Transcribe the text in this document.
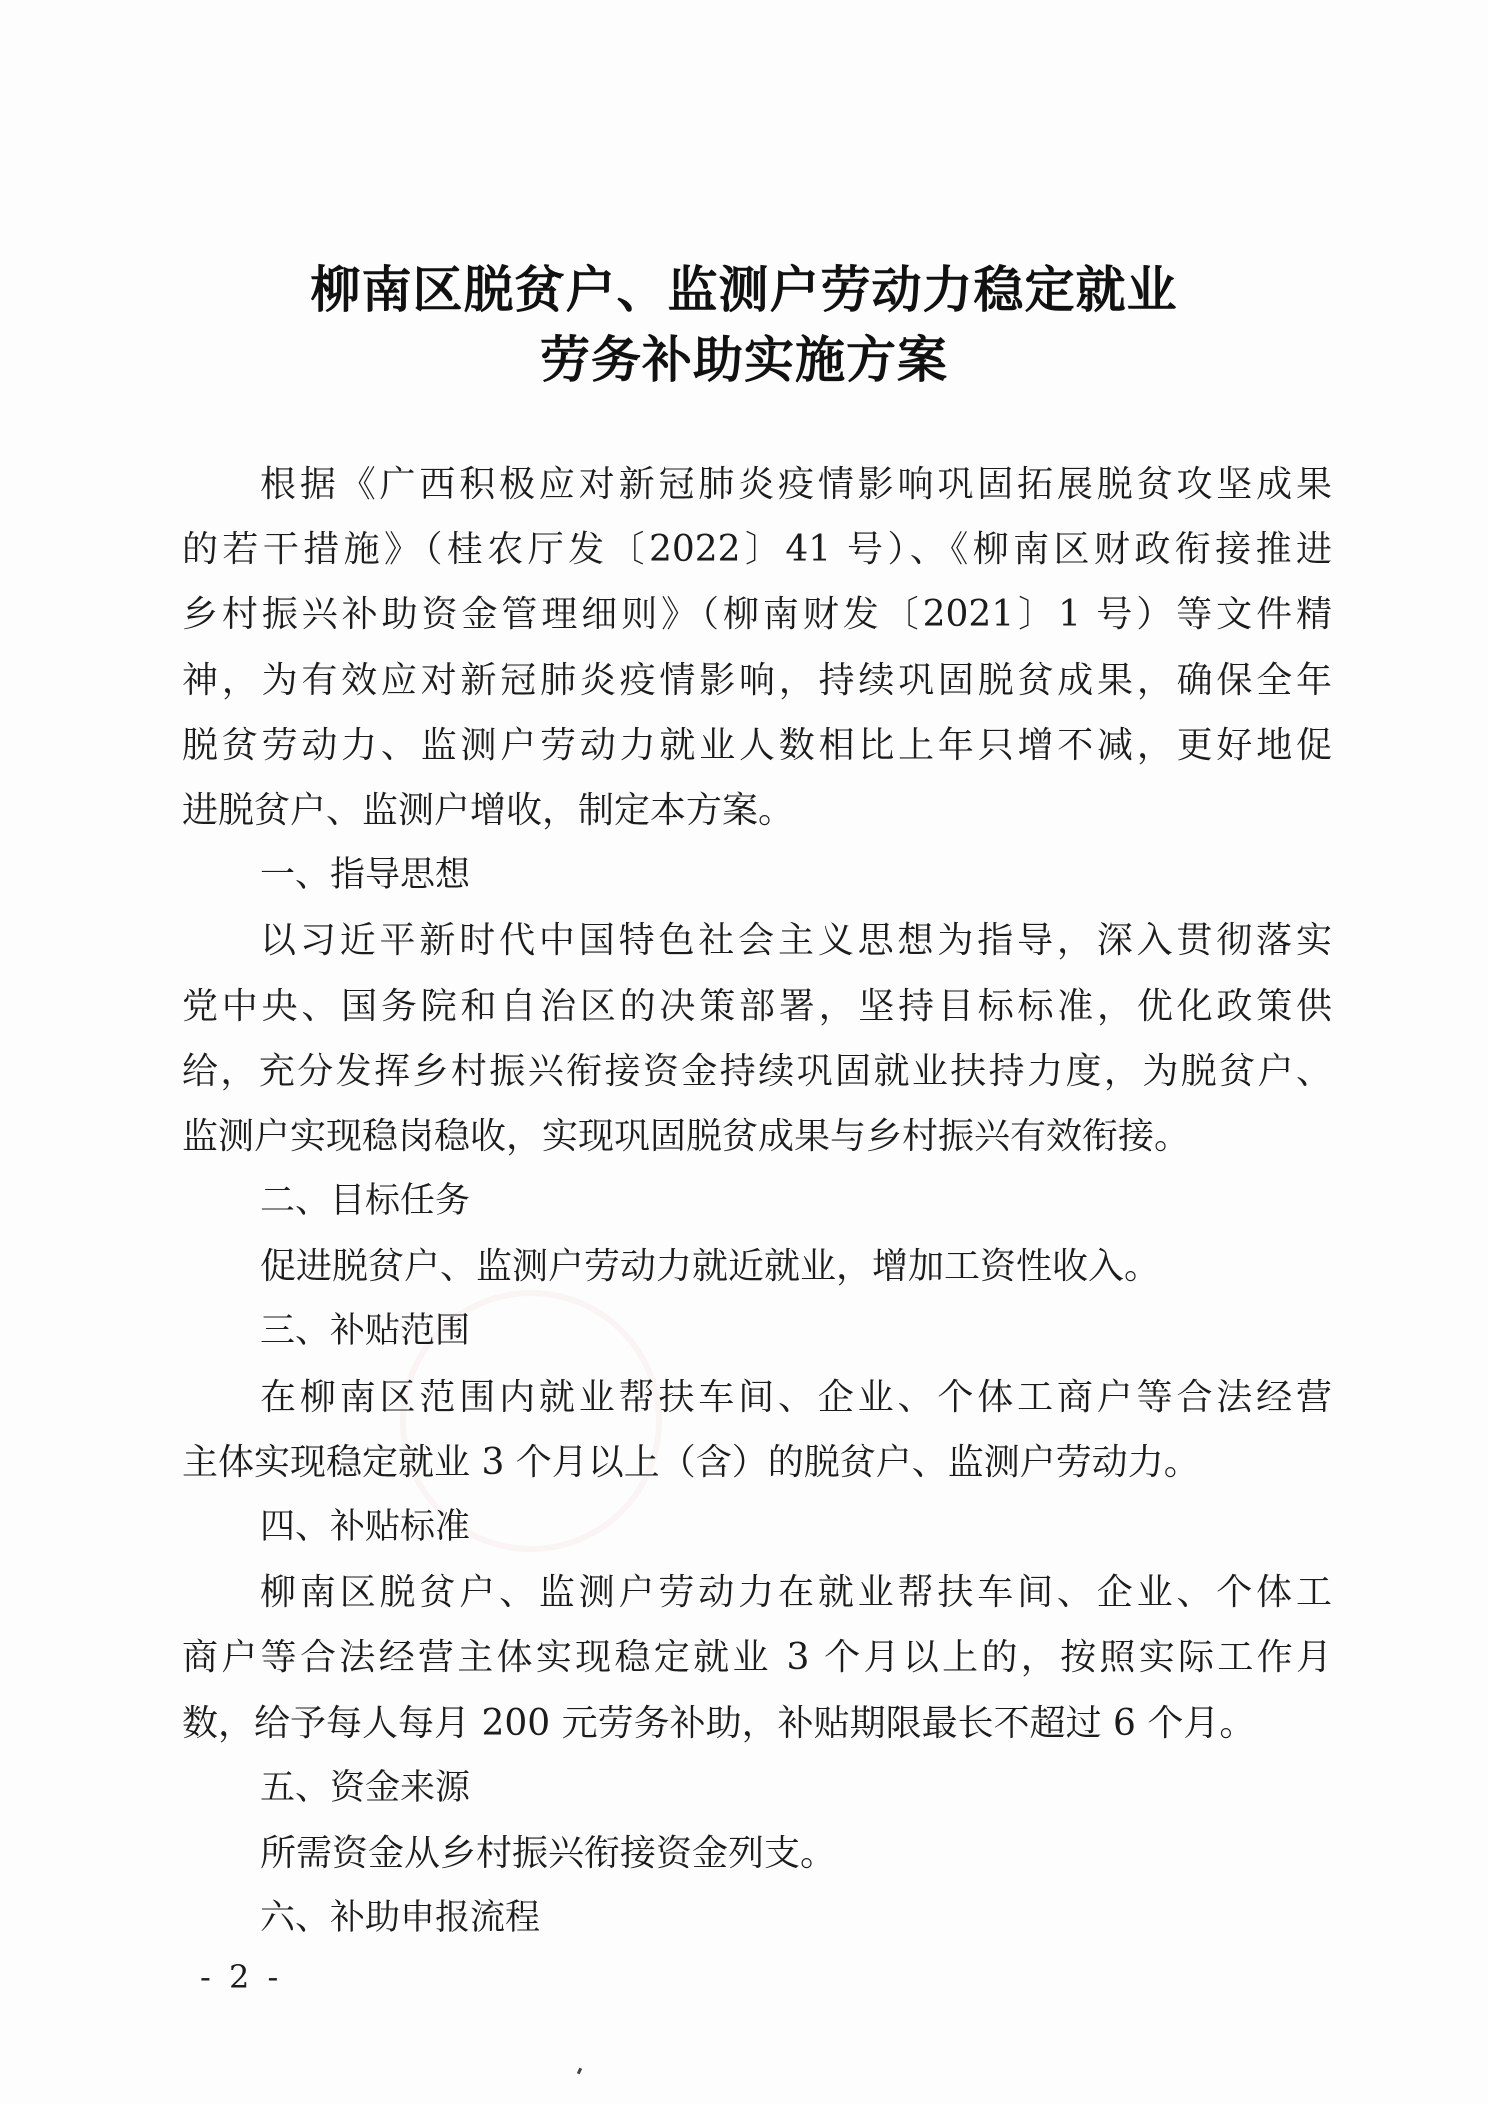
柳南区脱贫户、监测户劳动力稳定就业
劳务补助实施方案
根据《广西积极应对新冠肺炎疫情影响巩固拓展脱贫攻坚成果
的若干措施》（桂农厅发〔2022〕41 号）、《柳南区财政衔接推进
乡村振兴补助资金管理细则》（柳南财发〔2021〕1 号）等文件精
神，为有效应对新冠肺炎疫情影响，持续巩固脱贫成果，确保全年
脱贫劳动力、监测户劳动力就业人数相比上年只增不减，更好地促
进脱贫户、监测户增收，制定本方案。
一、指导思想
以习近平新时代中国特色社会主义思想为指导，深入贯彻落实
党中央、国务院和自治区的决策部署，坚持目标标准，优化政策供
给，充分发挥乡村振兴衔接资金持续巩固就业扶持力度，为脱贫户、
监测户实现稳岗稳收，实现巩固脱贫成果与乡村振兴有效衔接。
二、目标任务
促进脱贫户、监测户劳动力就近就业，增加工资性收入。
三、补贴范围
在柳南区范围内就业帮扶车间、企业、个体工商户等合法经营
主体实现稳定就业 3 个月以上（含）的脱贫户、监测户劳动力。
四、补贴标准
柳南区脱贫户、监测户劳动力在就业帮扶车间、企业、个体工
商户等合法经营主体实现稳定就业 3 个月以上的，按照实际工作月
数，给予每人每月 200 元劳务补助，补贴期限最长不超过 6 个月。
五、资金来源
所需资金从乡村振兴衔接资金列支。
六、补助申报流程
- 2 -
